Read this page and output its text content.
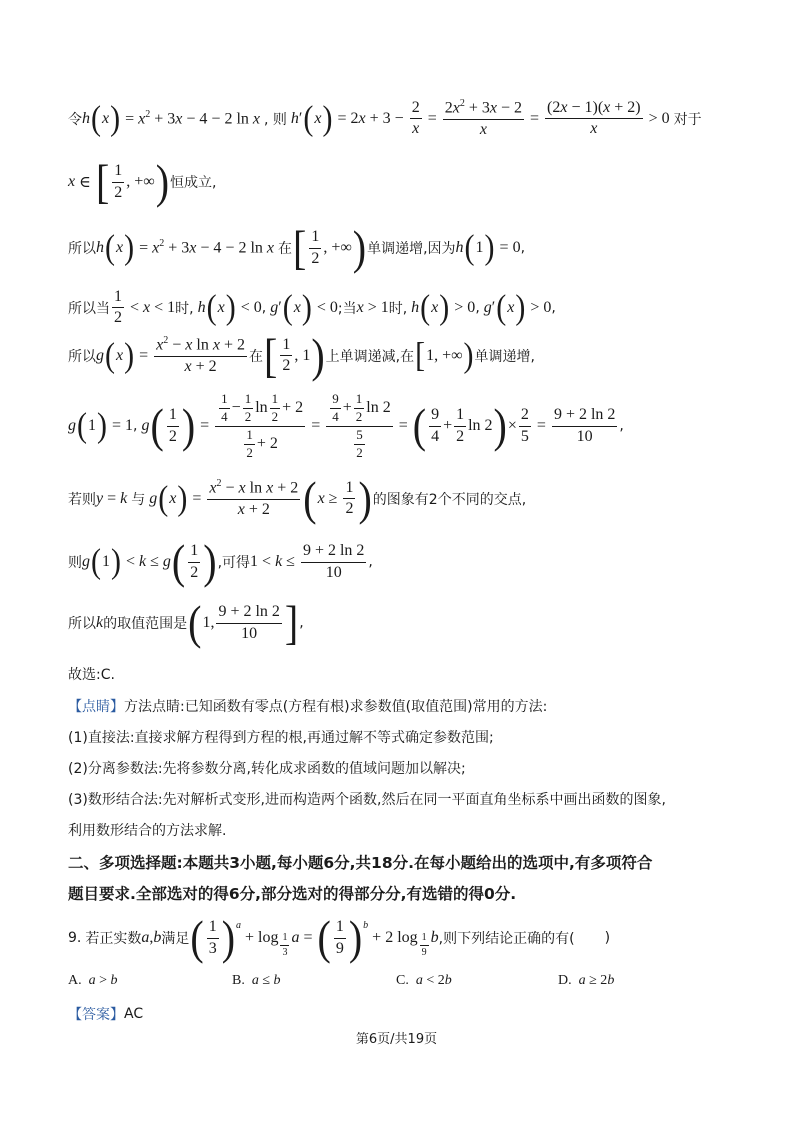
令 h ( x ) = $x^2 + 3x - 4 - 2$ ln x , 则
h ′ ( x ) = $2x + 3 - \frac{2}{x} = \frac{2x^2 + 3x - 2}{x} = \frac{(2x - 1)(x + 2)}{x} > 0$ 对于
x ∈ [ $\frac{1}{2}$ , +∞ ) 恒成立,
所以 h ( x ) = $x^2 + 3x - 4 - 2$ ln x 在 [ $\frac{1}{2}$ , +∞ ) 单调递增,因为 h ( 1 ) = 0 ,
所以当 $\frac{1}{2} < x < 1$ 时,
h ( x ) < 0 ,
g ′ ( x ) < 0 ;当 x > 1 时,
h ( x ) > 0 ,
g ′ ( x ) > 0 ,
所以 g ( x ) = $\frac{x^2 - x \ln x + 2}{x + 2}$ 在 [ $\frac{1}{2}$ , 1 ) 上单调递减,在 [ 1, +∞ ) 单调递增,
g ( 1 ) = 1 ,
g ( $\frac{1}{2}$ ) = $\frac{\frac{1}{4} - \frac{1}{2} \ln \frac{1}{2} + 2}{\frac{1}{2} + 2} = \frac{\frac{9}{4} + \frac{1}{2} \ln 2}{\frac{5}{2}}$ = ( $\frac{9}{4} + \frac{1}{2}$ ln 2 ) × $\frac{2}{5} = \frac{9 + 2 \ln 2}{10}$ ,
若则 y = k
与
g ( x ) = $\frac{x^2 - x \ln x + 2}{x + 2}$ ( $x \ge \frac{1}{2}$ ) 的图象有2个不同的交点,
则 g ( 1 ) < k ≤ g ( $\frac{1}{2}$ ) ,可得 $1 < k \le \frac{9 + 2 \ln 2}{10}$ ,
所以 k 的取值范围是 ( 1, $\frac{9 + 2 \ln 2}{10}$ ] ,
故选:C.
【点睛】 方法点睛:已知函数有零点(方程有根)求参数值(取值范围)常用的方法:
(1)直接法:直接求解方程得到方程的根,再通过解不等式确定参数范围;
(2)分离参数法:先将参数分离,转化成求函数的值域问题加以解决;
(3)数形结合法:先对解析式变形,进而构造两个函数,然后在同一平面直角坐标系中画出函数的图象,
利用数形结合的方法求解.
二、多项选择题:本题共3小题,每小题6分,共18分.在每小题给出的选项中,有多项符合
题目要求.全部选对的得6分,部分选对的得部分分,有选错的得0分.
9.
若正实数 a , b 满足 ( $\frac{1}{3} )^a$
+ $\log \frac{1}{3}$ a = ( $\frac{1}{9} )^b$
+ 2 $\log \frac{1}{9}$ b ,则下列结论正确的有( )
A. a > b	B. a ≤ b	C. a < 2b	D. a ≥ 2b
【答案】 AC
第6页/共19页
